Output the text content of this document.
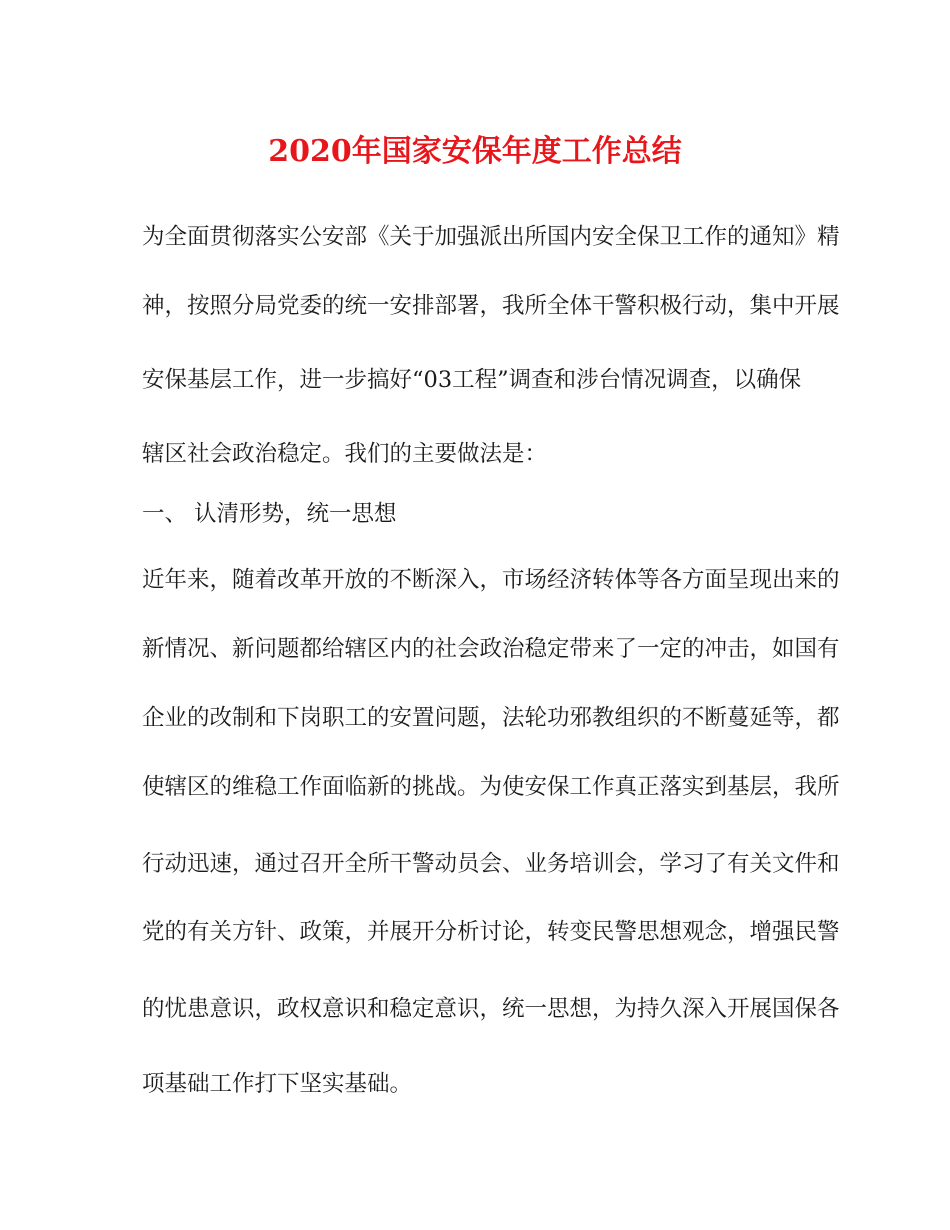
2020年国家安保年度工作总结
为全面贯彻落实公安部《关于加强派出所国内安全保卫工作的通知》精
神，按照分局党委的统一安排部署，我所全体干警积极行动，集中开展
安保基层工作，进一步搞好“03工程”调查和涉台情况调查，以确保
辖区社会政治稳定。我们的主要做法是：
一、 认清形势，统一思想
近年来，随着改革开放的不断深入，市场经济转体等各方面呈现出来的
新情况、新问题都给辖区内的社会政治稳定带来了一定的冲击，如国有
企业的改制和下岗职工的安置问题，法轮功邪教组织的不断蔓延等，都
使辖区的维稳工作面临新的挑战。为使安保工作真正落实到基层，我所
行动迅速，通过召开全所干警动员会、业务培训会，学习了有关文件和
党的有关方针、政策，并展开分析讨论，转变民警思想观念，增强民警
的忧患意识，政权意识和稳定意识，统一思想，为持久深入开展国保各
项基础工作打下坚实基础。
